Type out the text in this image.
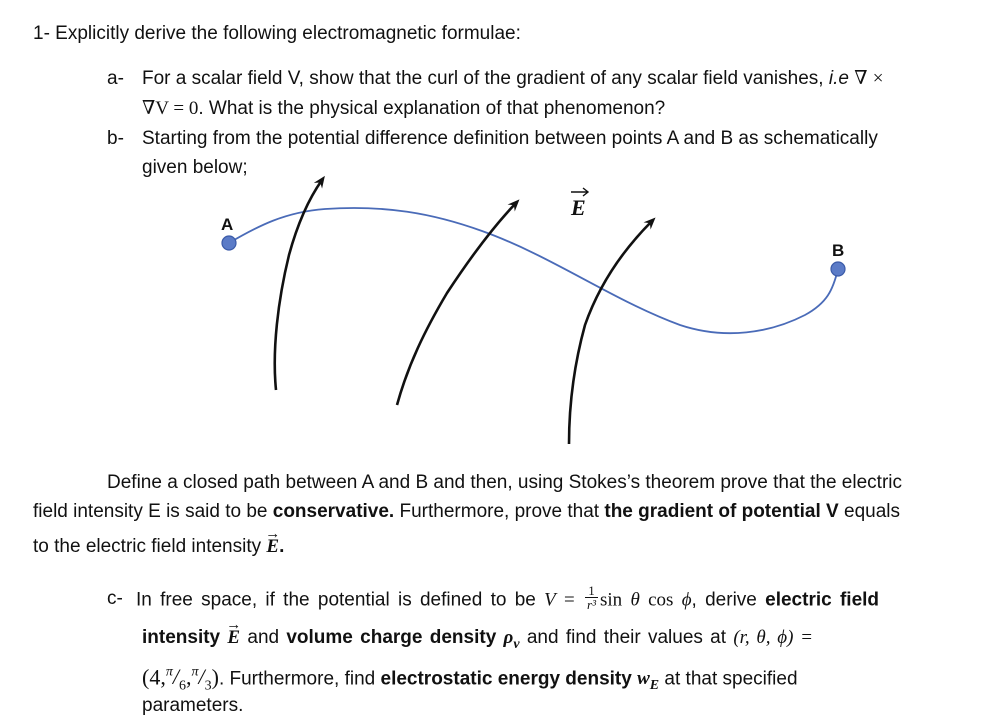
1- Explicitly derive the following electromagnetic formulae:
a- For a scalar field V, show that the curl of the gradient of any scalar field vanishes, i.e ∇ ×
∇V = 0. What is the physical explanation of that phenomenon?
b- Starting from the potential difference definition between points A and B as schematically
given below;
A
B
E
Define a closed path between A and B and then, using Stokes’s theorem prove that the electric
field intensity E is said to be conservative. Furthermore, prove that the gradient of potential V equals
to the electric field intensity → E.
c- In free space, if the potential is defined to be $V = \frac{1}{\text{r³}}$ sin θ cos ϕ, derive electric field
intensity → E and volume charge density $\rho_v$ and find their values at (r, θ, ϕ) =
$(4,^\pi/_6,^\pi/_3)$. Furthermore, find electrostatic energy density $w_E$ at that specified
parameters.
